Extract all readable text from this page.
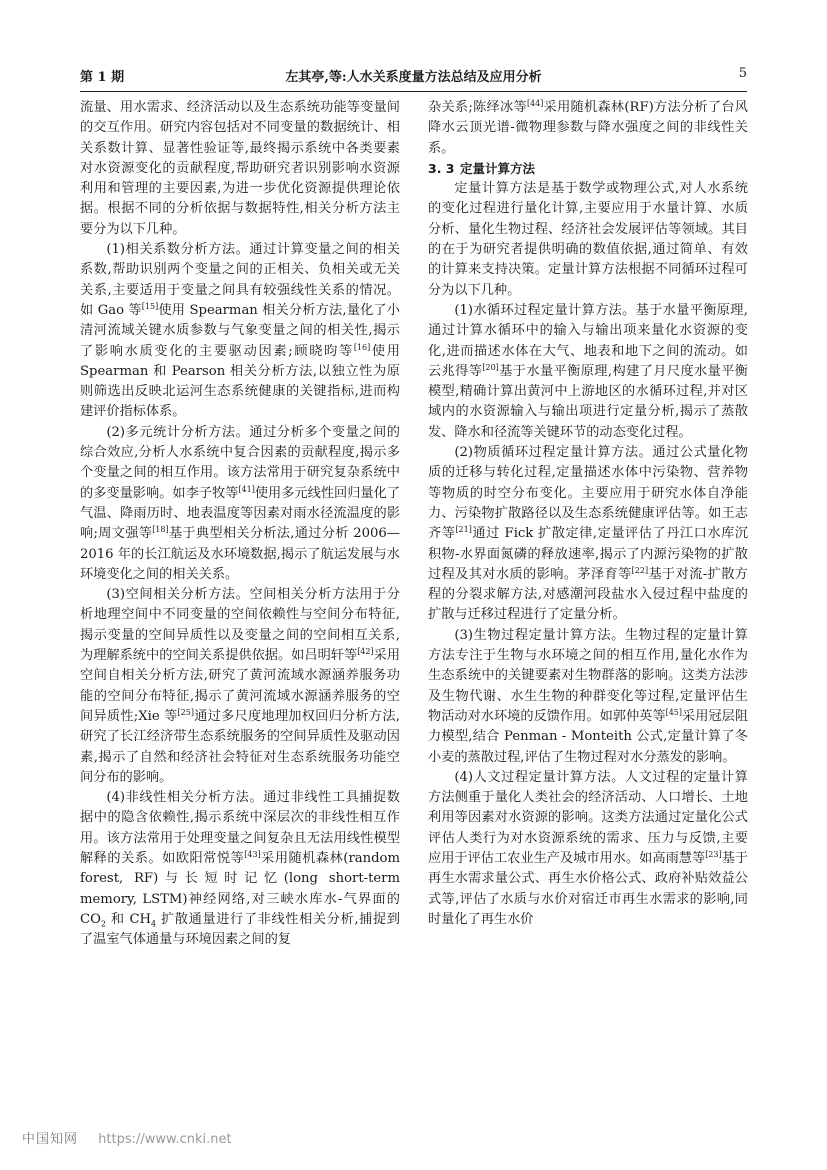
第 1 期	左其亭,等:人水关系度量方法总结及应用分析	5

流量、用水需求、经济活动以及生态系统功能等变量间的交互作用。研究内容包括对不同变量的数据统计、相关系数计算、显著性验证等,最终揭示系统中各类要素对水资源变化的贡献程度,帮助研究者识别影响水资源利用和管理的主要因素,为进一步优化资源提供理论依据。根据不同的分析依据与数据特性,相关分析方法主要分为以下几种。

(1)相关系数分析方法。通过计算变量之间的相关系数,帮助识别两个变量之间的正相关、负相关或无关关系,主要适用于变量之间具有较强线性关系的情况。如 Gao 等[15]使用 Spearman 相关分析方法,量化了小清河流域关键水质参数与气象变量之间的相关性,揭示了影响水质变化的主要驱动因素;顾晓昀等[16]使用 Spearman 和 Pearson 相关分析方法,以独立性为原则筛选出反映北运河生态系统健康的关键指标,进而构建评价指标体系。

(2)多元统计分析方法。通过分析多个变量之间的综合效应,分析人水系统中复合因素的贡献程度,揭示多个变量之间的相互作用。该方法常用于研究复杂系统中的多变量影响。如李子牧等[41]使用多元线性回归量化了气温、降雨历时、地表温度等因素对雨水径流温度的影响;周文强等[18]基于典型相关分析法,通过分析 2006—2016 年的长江航运及水环境数据,揭示了航运发展与水环境变化之间的相关关系。

(3)空间相关分析方法。空间相关分析方法用于分析地理空间中不同变量的空间依赖性与空间分布特征,揭示变量的空间异质性以及变量之间的空间相互关系,为理解系统中的空间关系提供依据。如吕明轩等[42]采用空间自相关分析方法,研究了黄河流域水源涵养服务功能的空间分布特征,揭示了黄河流域水源涵养服务的空间异质性;Xie 等[25]通过多尺度地理加权回归分析方法,研究了长江经济带生态系统服务的空间异质性及驱动因素,揭示了自然和经济社会特征对生态系统服务功能空间分布的影响。

(4)非线性相关分析方法。通过非线性工具捕捉数据中的隐含依赖性,揭示系统中深层次的非线性相互作用。该方法常用于处理变量之间复杂且无法用线性模型解释的关系。如欧阳常悦等[43]采用随机森林(random forest, RF)与长短时记忆(long short-term memory, LSTM)神经网络,对三峡水库水-气界面的 $CO_2$ 和 $CH_4$ 扩散通量进行了非线性相关分析,捕捉到了温室气体通量与环境因素之间的复

杂关系;陈绎冰等[44]采用随机森林(RF)方法分析了台风降水云顶光谱-微物理参数与降水强度之间的非线性关系。

3. 3 定量计算方法

定量计算方法是基于数学或物理公式,对人水系统的变化过程进行量化计算,主要应用于水量计算、水质分析、量化生物过程、经济社会发展评估等领域。其目的在于为研究者提供明确的数值依据,通过简单、有效的计算来支持决策。定量计算方法根据不同循环过程可分为以下几种。

(1)水循环过程定量计算方法。基于水量平衡原理,通过计算水循环中的输入与输出项来量化水资源的变化,进而描述水体在大气、地表和地下之间的流动。如云兆得等[20]基于水量平衡原理,构建了月尺度水量平衡模型,精确计算出黄河中上游地区的水循环过程,并对区域内的水资源输入与输出项进行定量分析,揭示了蒸散发、降水和径流等关键环节的动态变化过程。

(2)物质循环过程定量计算方法。通过公式量化物质的迁移与转化过程,定量描述水体中污染物、营养物等物质的时空分布变化。主要应用于研究水体自净能力、污染物扩散路径以及生态系统健康评估等。如王志齐等[21]通过 Fick 扩散定律,定量评估了丹江口水库沉积物-水界面氮磷的释放速率,揭示了内源污染物的扩散过程及其对水质的影响。茅泽育等[22]基于对流-扩散方程的分裂求解方法,对感潮河段盐水入侵过程中盐度的扩散与迁移过程进行了定量分析。

(3)生物过程定量计算方法。生物过程的定量计算方法专注于生物与水环境之间的相互作用,量化水作为生态系统中的关键要素对生物群落的影响。这类方法涉及生物代谢、水生生物的种群变化等过程,定量评估生物活动对水环境的反馈作用。如郭仲英等[45]采用冠层阻力模型,结合 Penman - Monteith 公式,定量计算了冬小麦的蒸散过程,评估了生物过程对水分蒸发的影响。

(4)人文过程定量计算方法。人文过程的定量计算方法侧重于量化人类社会的经济活动、人口增长、土地利用等因素对水资源的影响。这类方法通过定量化公式评估人类行为对水资源系统的需求、压力与反馈,主要应用于评估工农业生产及城市用水。如高雨慧等[23]基于再生水需求量公式、再生水价格公式、政府补贴效益公式等,评估了水质与水价对宿迁市再生水需求的影响,同时量化了再生水价

中国知网 https://www.cnki.net
